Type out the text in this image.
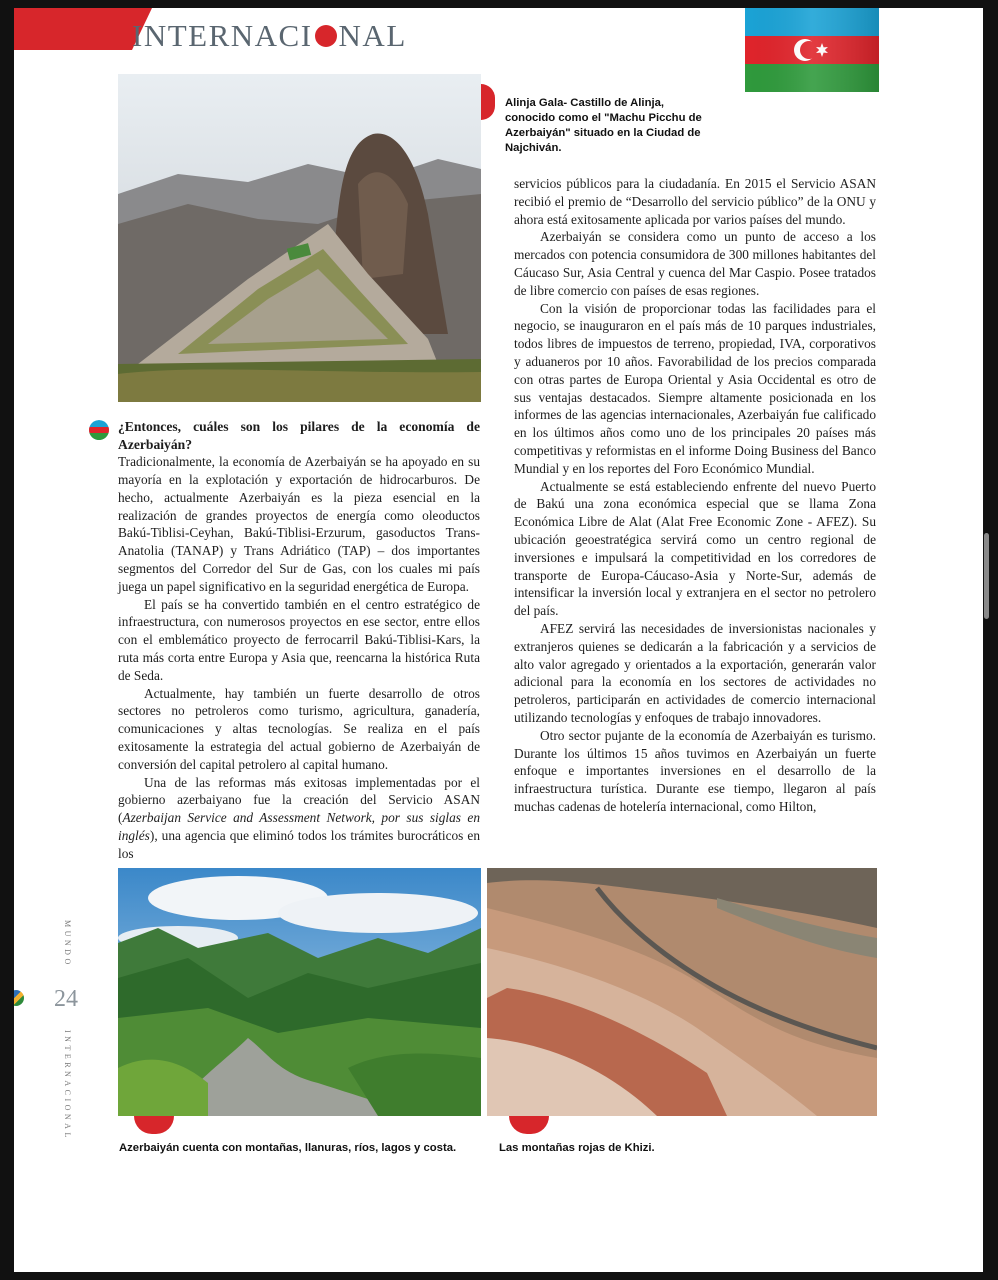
INTERNACI NAL
Alinja Gala- Castillo de Alinja, conocido como el "Machu Picchu de Azerbaiyán" situado en la Ciudad de Najchiván.

¿Entonces, cuáles son los pilares de la economía de Azerbaiyán?

Tradicionalmente, la economía de Azerbaiyán se ha apoyado en su mayoría en la explotación y exportación de hidrocarburos. De hecho, actualmente Azerbaiyán es la pieza esencial en la realización de grandes proyectos de energía como oleoductos Bakú-Tiblisi-Ceyhan, Bakú-Tiblisi-Erzurum, gasoductos Trans-Anatolia (TANAP) y Trans Adriático (TAP) – dos importantes segmentos del Corredor del Sur de Gas, con los cuales mi país juega un papel significativo en la seguridad energética de Europa.

El país se ha convertido también en el centro estratégico de infraestructura, con numerosos proyectos en ese sector, entre ellos con el emblemático proyecto de ferrocarril Bakú-Tiblisi-Kars, la ruta más corta entre Europa y Asia que, reencarna la histórica Ruta de Seda.

Actualmente, hay también un fuerte desarrollo de otros sectores no petroleros como turismo, agricultura, ganadería, comunicaciones y altas tecnologías. Se realiza en el país exitosamente la estrategia del actual gobierno de Azerbaiyán de conversión del capital petrolero al capital humano.

Una de las reformas más exitosas implementadas por el gobierno azerbaiyano fue la creación del Servicio ASAN (Azerbaijan Service and Assessment Network, por sus siglas en inglés), una agencia que eliminó todos los trámites burocráticos en los

servicios públicos para la ciudadanía. En 2015 el Servicio ASAN recibió el premio de “Desarrollo del servicio público” de la ONU y ahora está exitosamente aplicada por varios países del mundo.

Azerbaiyán se considera como un punto de acceso a los mercados con potencia consumidora de 300 millones habitantes del Cáucaso Sur, Asia Central y cuenca del Mar Caspio. Posee tratados de libre comercio con países de esas regiones.

Con la visión de proporcionar todas las facilidades para el negocio, se inauguraron en el país más de 10 parques industriales, todos libres de impuestos de terreno, propiedad, IVA, corporativos y aduaneros por 10 años. Favorabilidad de los precios comparada con otras partes de Europa Oriental y Asia Occidental es otro de sus ventajas destacados. Siempre altamente posicionada en los informes de las agencias internacionales, Azerbaiyán fue calificado en los últimos años como uno de los principales 20 países más competitivas y reformistas en el informe Doing Business del Banco Mundial y en los reportes del Foro Económico Mundial.

Actualmente se está estableciendo enfrente del nuevo Puerto de Bakú una zona económica especial que se llama Zona Económica Libre de Alat (Alat Free Economic Zone - AFEZ). Su ubicación geoestratégica servirá como un centro regional de inversiones e impulsará la competitividad en los corredores de transporte de Europa-Cáucaso-Asia y Norte-Sur, además de intensificar la inversión local y extranjera en el sector no petrolero del país.

AFEZ servirá las necesidades de inversionistas nacionales y extranjeros quienes se dedicarán a la fabricación y a servicios de alto valor agregado y orientados a la exportación, generarán valor adicional para la economía en los sectores de actividades no petroleros, participarán en actividades de comercio internacional utilizando tecnologías y enfoques de trabajo innovadores.

Otro sector pujante de la economía de Azerbaiyán es turismo. Durante los últimos 15 años tuvimos en Azerbaiyán un fuerte enfoque e importantes inversiones en el desarrollo de la infraestructura turística. Durante ese tiempo, llegaron al país muchas cadenas de hotelería internacional, como Hilton,

Azerbaiyán cuenta con montañas, llanuras, ríos, lagos y costa.	Las montañas rojas de Khizi.
MUNDO
24
INTERNACIONAL
